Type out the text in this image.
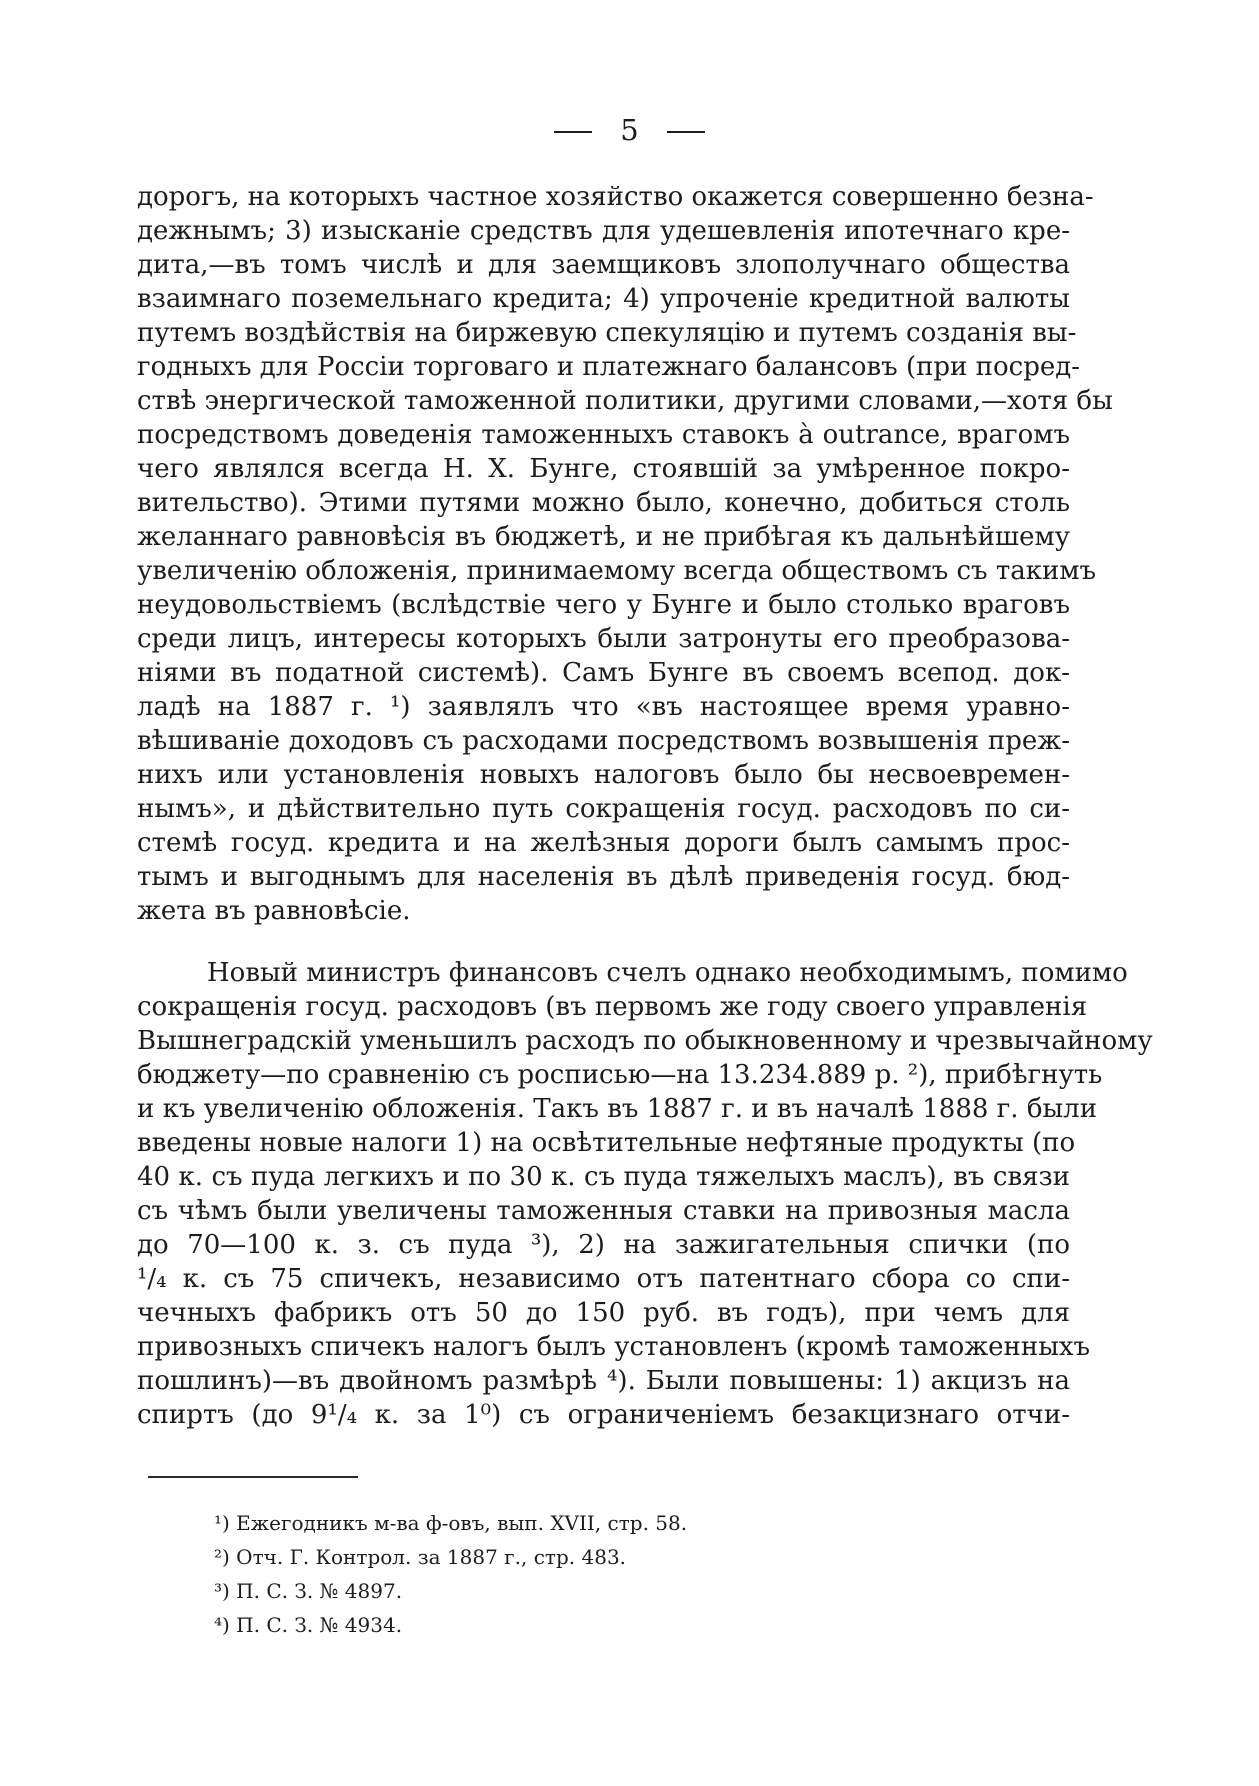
5
дорогъ, на которыхъ частное хозяйство окажется совершенно безна-
дежнымъ; 3) изысканіе средствъ для удешевленія ипотечнаго кре-
дита,—въ томъ числѣ и для заемщиковъ злополучнаго общества
взаимнаго поземельнаго кредита; 4) упроченіе кредитной валюты
путемъ воздѣйствія на биржевую спекуляцію и путемъ созданія вы-
годныхъ для Россіи торговаго и платежнаго балансовъ (при посред-
ствѣ энергической таможенной политики, другими словами,—хотя бы
посредствомъ доведенія таможенныхъ ставокъ à outrance, врагомъ
чего являлся всегда Н. Х. Бунге, стоявшій за умѣренное покро-
вительство). Этими путями можно было, конечно, добиться столь
желаннаго равновѣсія въ бюджетѣ, и не прибѣгая къ дальнѣйшему
увеличенію обложенія, принимаемому всегда обществомъ съ такимъ
неудовольствіемъ (вслѣдствіе чего у Бунге и было столько враговъ
среди лицъ, интересы которыхъ были затронуты его преобразова-
ніями въ податной системѣ). Самъ Бунге въ своемъ всепод. док-
ладѣ на 1887 г. ¹) заявлялъ что «въ настоящее время уравно-
вѣшиваніе доходовъ съ расходами посредствомъ возвышенія преж-
нихъ или установленія новыхъ налоговъ было бы несвоевремен-
нымъ», и дѣйствительно путь сокращенія госуд. расходовъ по си-
стемѣ госуд. кредита и на желѣзныя дороги былъ самымъ прос-
тымъ и выгоднымъ для населенія въ дѣлѣ приведенія госуд. бюд-
жета въ равновѣсіе.
Новый министръ финансовъ счелъ однако необходимымъ, помимо
сокращенія госуд. расходовъ (въ первомъ же году своего управленія
Вышнеградскій уменьшилъ расходъ по обыкновенному и чрезвычайному
бюджету—по сравненію съ росписью—на 13.234.889 р. ²), прибѣгнуть
и къ увеличенію обложенія. Такъ въ 1887 г. и въ началѣ 1888 г. были
введены новые налоги 1) на освѣтительные нефтяные продукты (по
40 к. съ пуда легкихъ и по 30 к. съ пуда тяжелыхъ маслъ), въ связи
съ чѣмъ были увеличены таможенныя ставки на привозныя масла
до 70—100 к. з. съ пуда ³), 2) на зажигательныя спички (по
¹/₄ к. съ 75 спичекъ, независимо отъ патентнаго сбора со спи-
чечныхъ фабрикъ отъ 50 до 150 руб. въ годъ), при чемъ для
привозныхъ спичекъ налогъ былъ установленъ (кромѣ таможенныхъ
пошлинъ)—въ двойномъ размѣрѣ ⁴). Были повышены: 1) акцизъ на
спиртъ (до 9¹/₄ к. за 1⁰) съ ограниченіемъ безакцизнаго отчи-
¹) Ежегодникъ м-ва ф-овъ, вып. XVII, стр. 58.
²) Отч. Г. Контрол. за 1887 г., стр. 483.
³) П. С. З. № 4897.
⁴) П. С. З. № 4934.
